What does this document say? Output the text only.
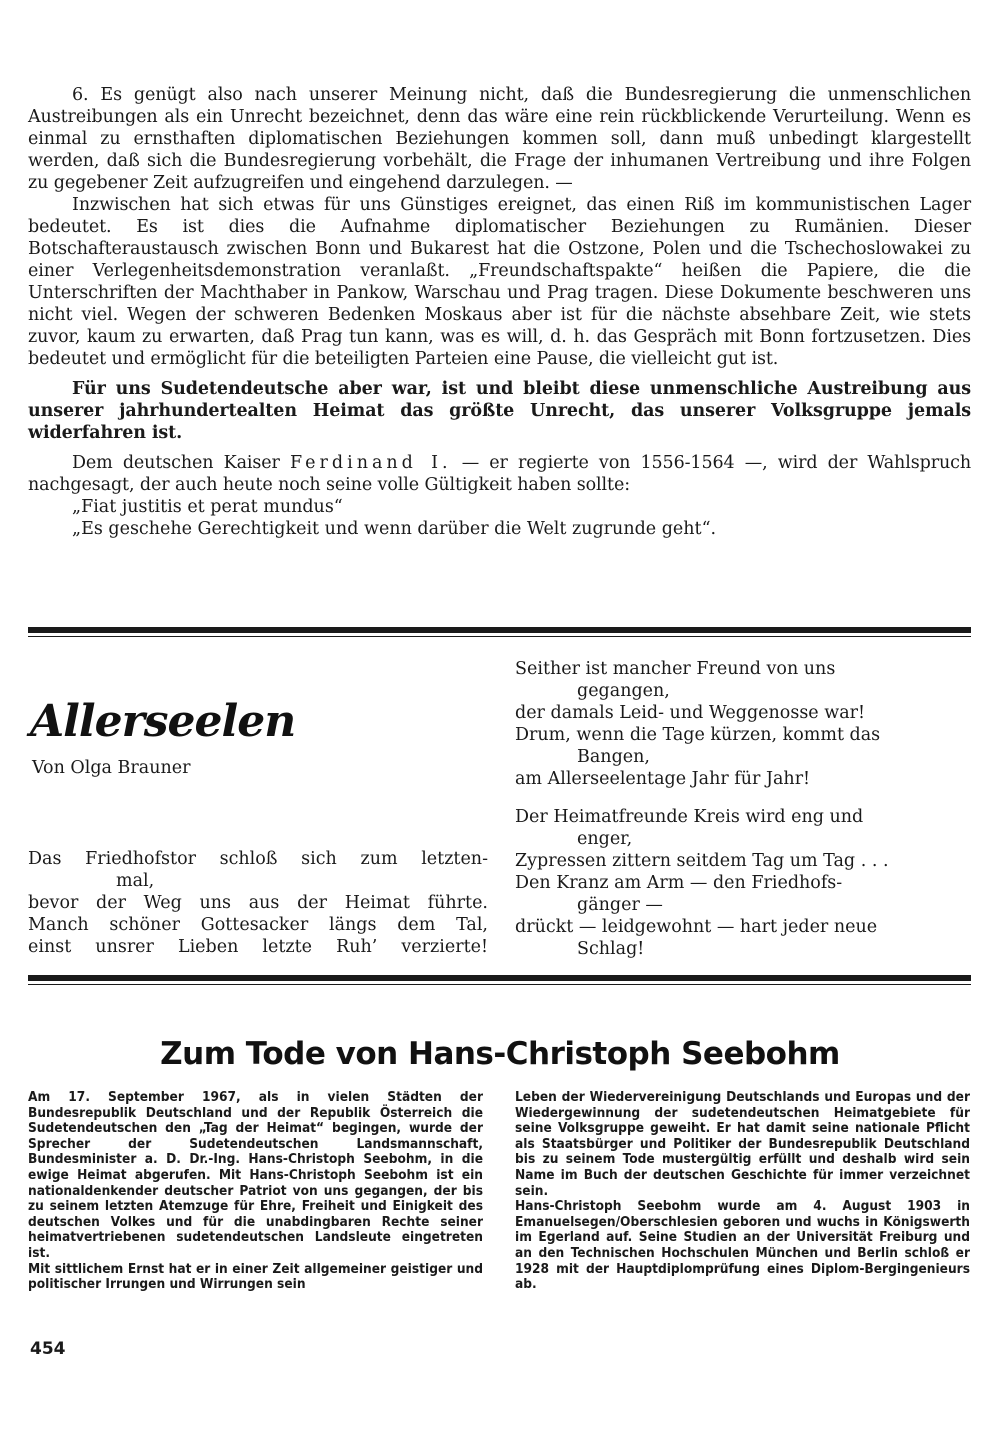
6. Es genügt also nach unserer Meinung nicht, daß die Bundesregierung die unmenschlichen Austreibungen als ein Unrecht bezeichnet, denn das wäre eine rein rückblickende Verurteilung. Wenn es einmal zu ernsthaften diplomatischen Beziehungen kommen soll, dann muß unbedingt klargestellt werden, daß sich die Bundesregierung vorbehält, die Frage der inhumanen Vertreibung und ihre Folgen zu gegebener Zeit aufzugreifen und eingehend darzulegen. —

Inzwischen hat sich etwas für uns Günstiges ereignet, das einen Riß im kommunistischen Lager bedeutet. Es ist dies die Aufnahme diplomatischer Beziehungen zu Rumänien. Dieser Botschafteraustausch zwischen Bonn und Bukarest hat die Ostzone, Polen und die Tschechoslowakei zu einer Verlegenheitsdemonstration veranlaßt. „Freundschaftspakte“ heißen die Papiere, die die Unterschriften der Machthaber in Pankow, Warschau und Prag tragen. Diese Dokumente beschweren uns nicht viel. Wegen der schweren Bedenken Moskaus aber ist für die nächste absehbare Zeit, wie stets zuvor, kaum zu erwarten, daß Prag tun kann, was es will, d. h. das Gespräch mit Bonn fortzusetzen. Dies bedeutet und ermöglicht für die beteiligten Parteien eine Pause, die vielleicht gut ist.

Für uns Sudetendeutsche aber war, ist und bleibt diese unmenschliche Austreibung aus unserer jahrhundertealten Heimat das größte Unrecht, das unserer Volksgruppe jemals widerfahren ist.

Dem deutschen Kaiser Ferdinand I. — er regierte von 1556-1564 —, wird der Wahlspruch nachgesagt, der auch heute noch seine volle Gültigkeit haben sollte:

„Fiat justitis et perat mundus“

„Es geschehe Gerechtigkeit und wenn darüber die Welt zugrunde geht“.

Allerseelen
Von Olga Brauner
Das Friedhofstor schloß sich zum letzten-
mal,
bevor der Weg uns aus der Heimat führte.
Manch schöner Gottesacker längs dem Tal,
einst unsrer Lieben letzte Ruh’ verzierte!
Seither ist mancher Freund von uns
gegangen,
der damals Leid- und Weggenosse war!
Drum, wenn die Tage kürzen, kommt das
Bangen,
am Allerseelentage Jahr für Jahr!
Der Heimatfreunde Kreis wird eng und
enger,
Zypressen zittern seitdem Tag um Tag . . .
Den Kranz am Arm — den Friedhofs-
gänger —
drückt — leidgewohnt — hart jeder neue
Schlag!
Zum Tode von Hans-Christoph Seebohm

Am 17. September 1967, als in vielen Städten der Bundesrepublik Deutschland und der Republik Österreich die Sudetendeutschen den „Tag der Heimat“ begingen, wurde der Sprecher der Sudetendeutschen Landsmannschaft, Bundesminister a. D. Dr.-Ing. Hans-Christoph Seebohm, in die ewige Heimat abgerufen. Mit Hans-Christoph Seebohm ist ein nationaldenkender deutscher Patriot von uns gegangen, der bis zu seinem letzten Atemzuge für Ehre, Freiheit und Einigkeit des deutschen Volkes und für die unabdingbaren Rechte seiner heimatvertriebenen sudetendeutschen Landsleute eingetreten ist.

Mit sittlichem Ernst hat er in einer Zeit allgemeiner geistiger und politischer Irrungen und Wirrungen sein

Leben der Wiedervereinigung Deutschlands und Europas und der Wiedergewinnung der sudetendeutschen Heimatgebiete für seine Volksgruppe geweiht. Er hat damit seine nationale Pflicht als Staatsbürger und Politiker der Bundesrepublik Deutschland bis zu seinem Tode mustergültig erfüllt und deshalb wird sein Name im Buch der deutschen Geschichte für immer verzeichnet sein.

Hans-Christoph Seebohm wurde am 4. August 1903 in Emanuelsegen/Oberschlesien geboren und wuchs in Königswerth im Egerland auf. Seine Studien an der Universität Freiburg und an den Technischen Hochschulen München und Berlin schloß er 1928 mit der Hauptdiplomprüfung eines Diplom-Bergingenieurs ab.

454
